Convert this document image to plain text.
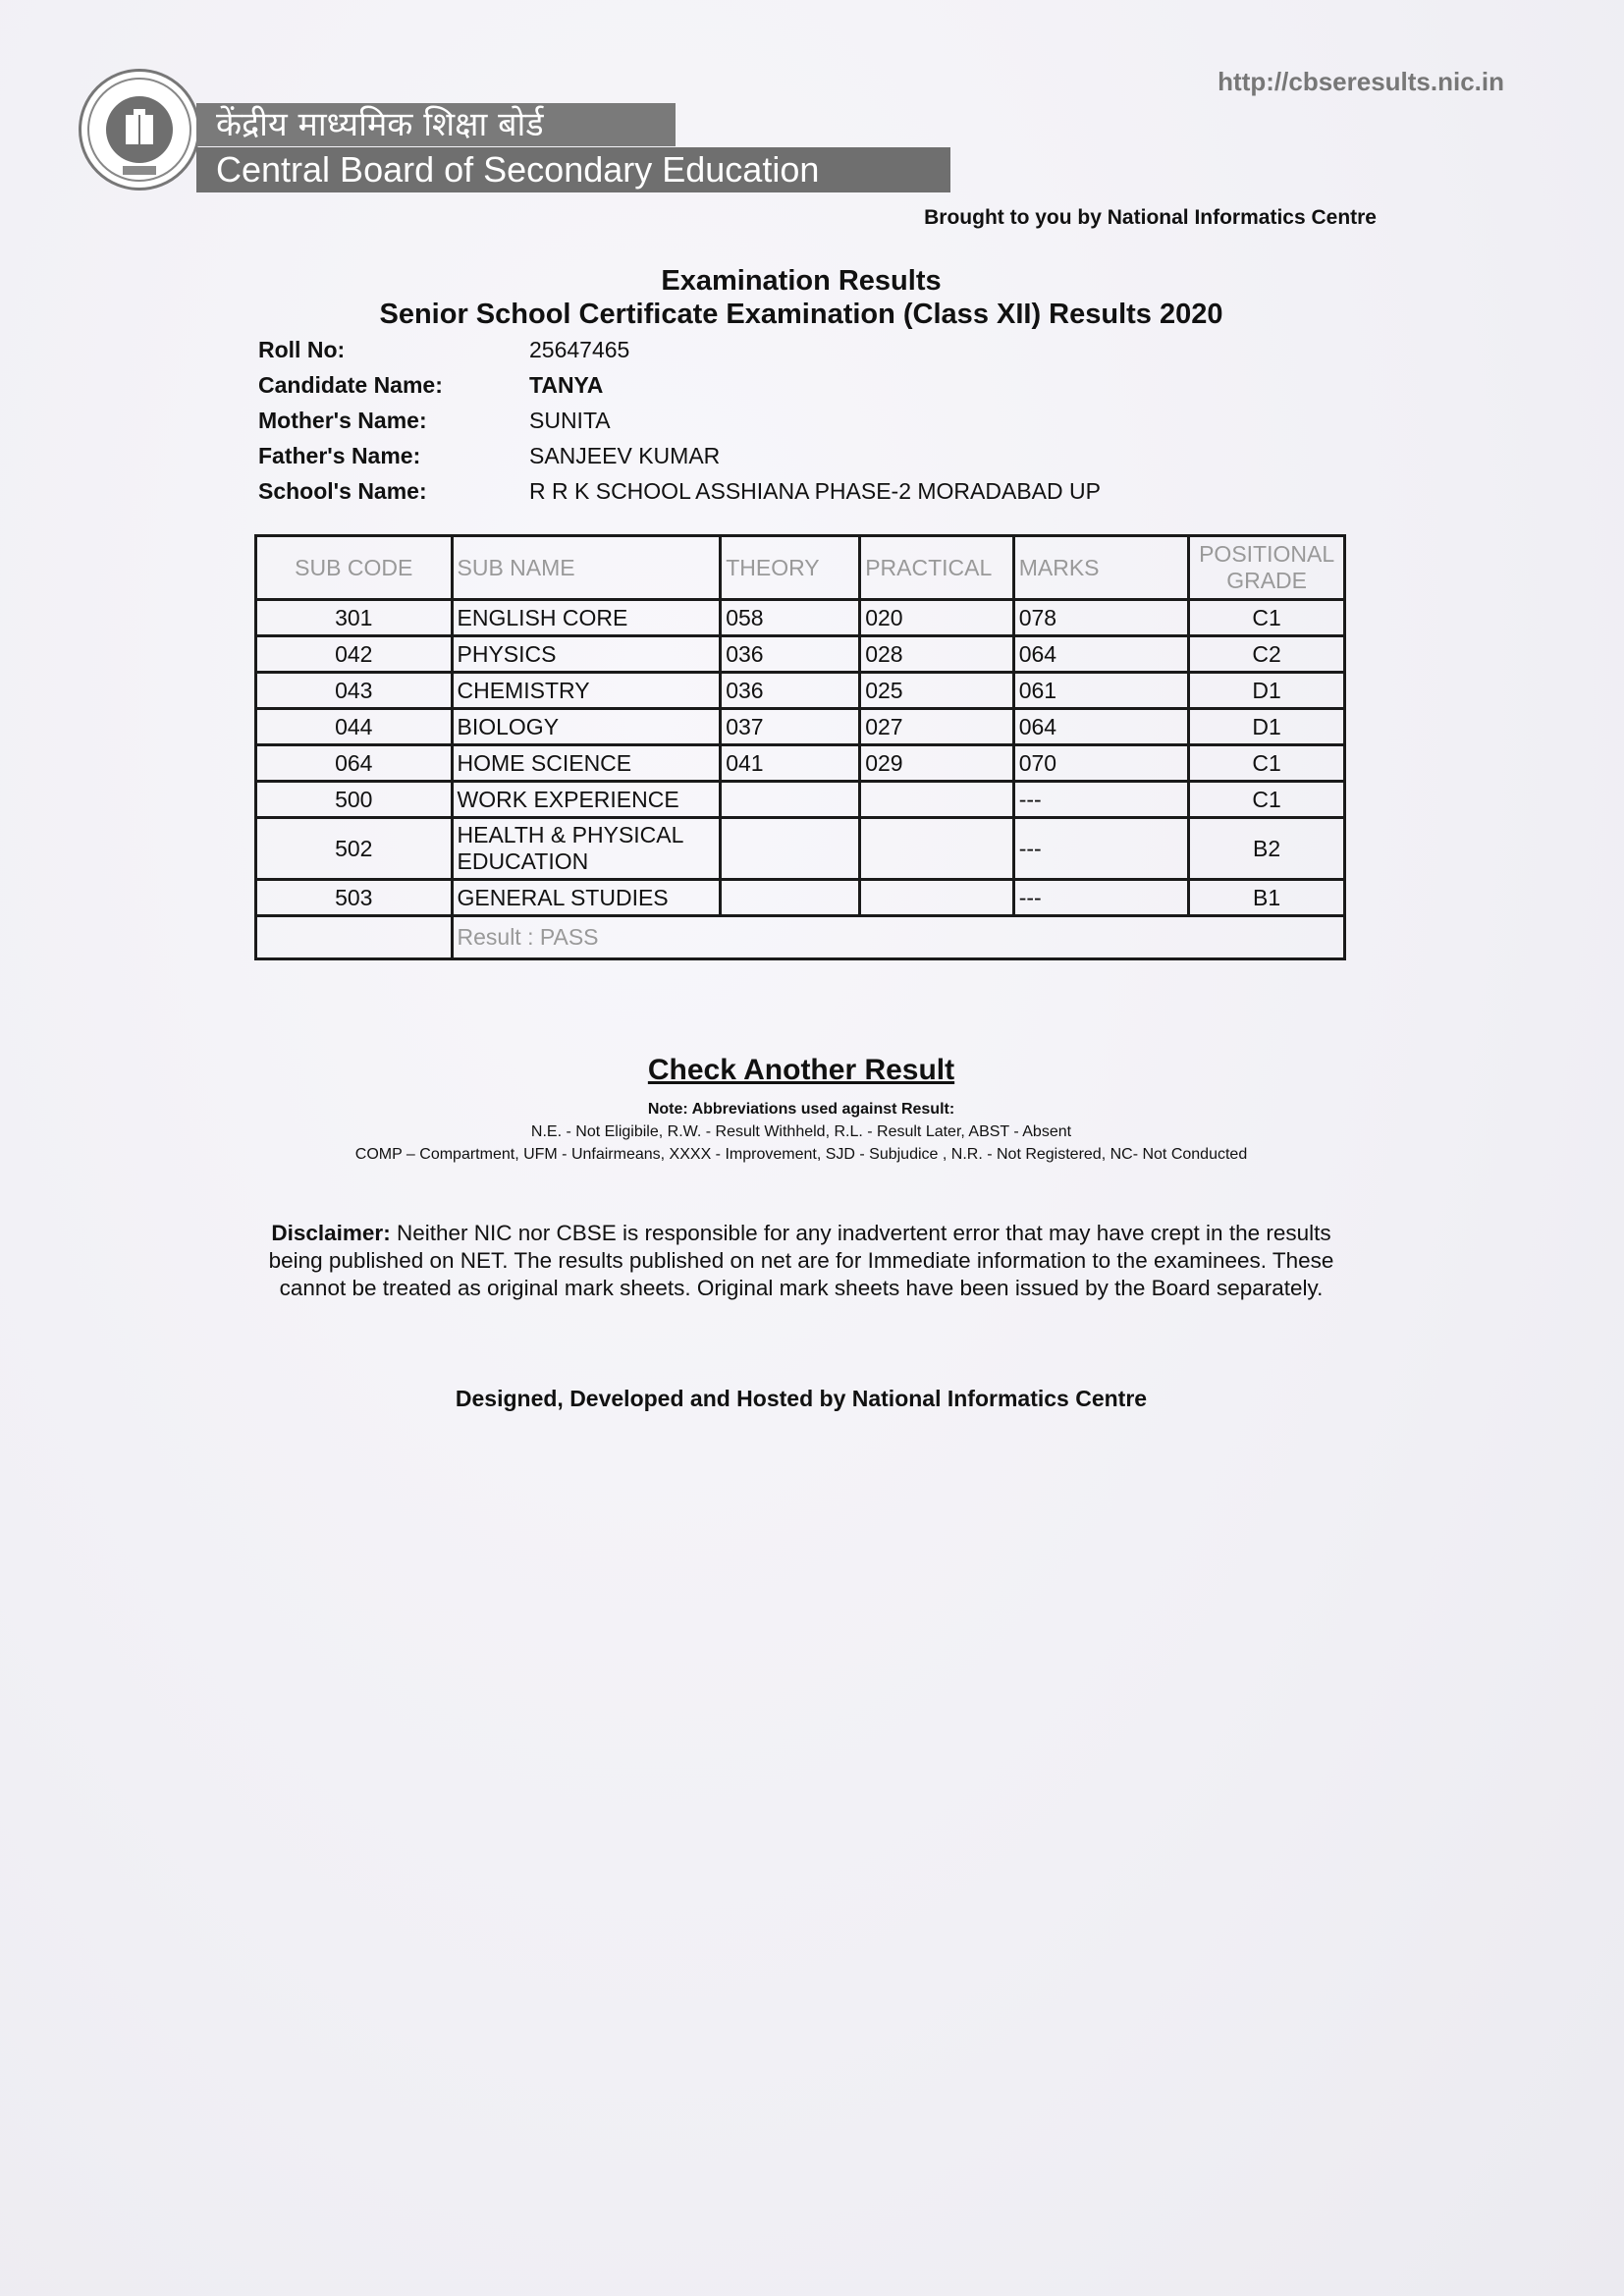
केंद्रीय माध्यमिक शिक्षा बोर्ड
Central Board of Secondary Education
http://cbseresults.nic.in
Brought to you by National Informatics Centre
Examination Results
Senior School Certificate Examination (Class XII) Results 2020
Roll No:	25647465
Candidate Name:	TANYA
Mother's Name:	SUNITA
Father's Name:	SANJEEV KUMAR
School's Name:	R R K SCHOOL ASSHIANA PHASE-2 MORADABAD UP
SUB CODE	SUB NAME	THEORY	PRACTICAL	MARKS	POSITIONAL
GRADE
301	ENGLISH CORE	058	020	078	C1
042	PHYSICS	036	028	064	C2
043	CHEMISTRY	036	025	061	D1
044	BIOLOGY	037	027	064	D1
064	HOME SCIENCE	041	029	070	C1
500	WORK EXPERIENCE			---	C1
502	HEALTH & PHYSICAL EDUCATION			---	B2
503	GENERAL STUDIES			---	B1
	Result : PASS				
Check Another Result
Note: Abbreviations used against Result:
N.E. - Not Eligibile, R.W. - Result Withheld, R.L. - Result Later, ABST - Absent
COMP – Compartment, UFM - Unfairmeans, XXXX - Improvement, SJD - Subjudice , N.R. - Not Registered, NC- Not Conducted
Disclaimer: Neither NIC nor CBSE is responsible for any inadvertent error that may have crept in the results being published on NET. The results published on net are for Immediate information to the examinees. These cannot be treated as original mark sheets. Original mark sheets have been issued by the Board separately.
Designed, Developed and Hosted by National Informatics Centre
